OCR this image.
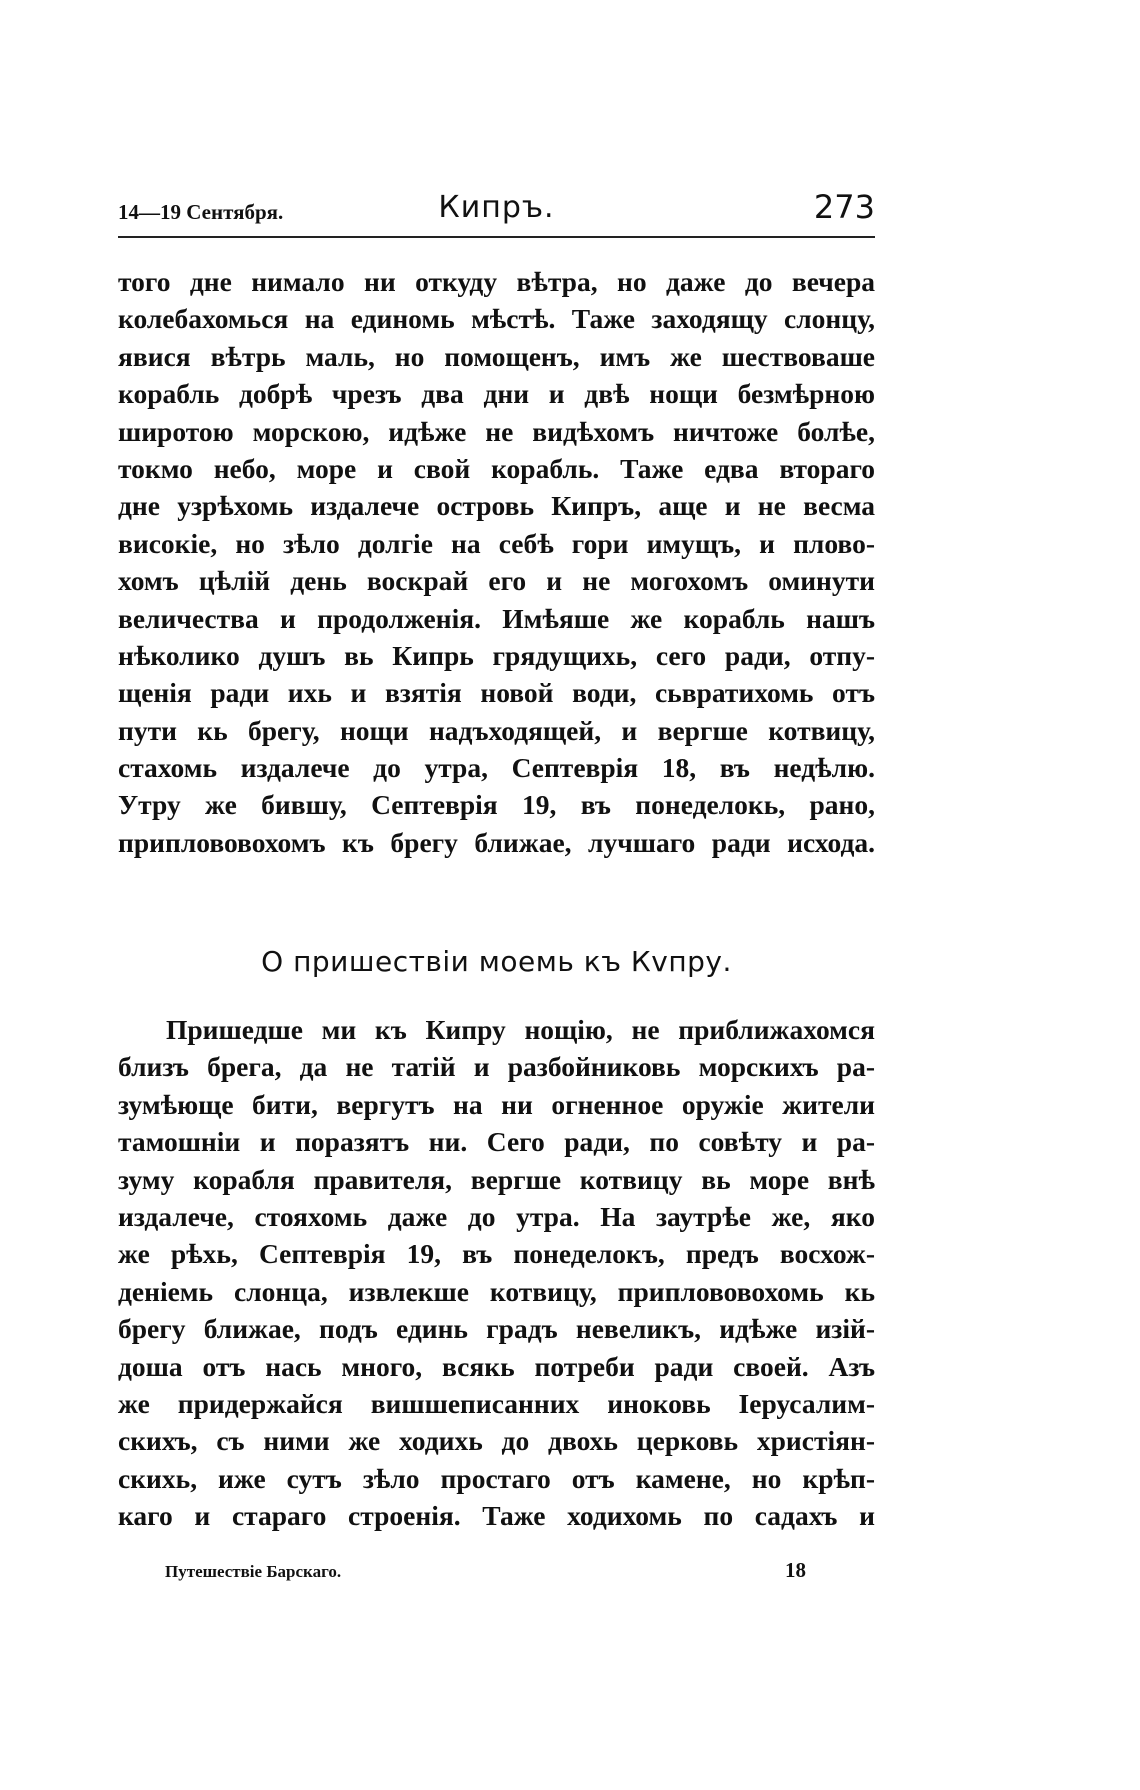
14—19 Сентября.	Кипръ.	273
того дне нимало ни откуду вѣтра, но даже до вечера
колебахомься на единомь мѣстѣ. Таже заходящу слонцу,
явися вѣтрь маль, но помощенъ, имъ же шествоваше
корабль добрѣ чрезъ два дни и двѣ нощи безмѣрною
широтою морскою, идѣже не видѣхомъ ничтоже болѣе,
токмо небо, море и свой корабль. Таже едва втораго
дне узрѣхомь издалече островь Кипръ, аще и не весма
високіе, но зѣло долгіе на себѣ гори имущъ, и плово-
хомъ цѣлій день воскрай его и не могохомъ оминути
величества и продолженія. Имѣяше же корабль нашъ
нѣколико душъ вь Кипрь грядущихь, сего ради, отпу-
щенія ради ихь и взятія новой води, сьвратихомь отъ
пути кь брегу, нощи надъходящей, и вергше котвицу,
стахомь издалече до утра, Септеврія 18, въ недѣлю.
Утру же бившу, Септеврія 19, въ понеделокь, рано,
приплововохомъ къ брегу ближае, лучшаго ради исхода.
О пришествіи моемь къ Кvпру.
Пришедше ми къ Кипру нощію, не приближахомся
близъ брега, да не татій и разбойниковь морскихъ ра-
зумѣюще бити, вергутъ на ни огненное оружіе жители
тамошніи и поразятъ ни. Сего ради, по совѣту и ра-
зуму корабля правителя, вергше котвицу вь море внѣ
издалече, стояхомь даже до утра. На заутрѣе же, яко
же рѣхь, Септеврія 19, въ понеделокъ, предъ восхож-
деніемь слонца, извлекше котвицу, приплововохомь кь
брегу ближае, подъ единь градъ невеликъ, идѣже изій-
доша отъ нась много, всякь потреби ради своей. Азъ
же придержайся вишшеписанних иноковь Іерусалим-
скихъ, съ ними же ходихь до двохь церковь христіян-
скихь, иже сутъ зѣло простаго отъ камене, но крѣп-
каго и стараго строенія. Таже ходихомь по садахъ и
Путешествіе Барскаго.	18
